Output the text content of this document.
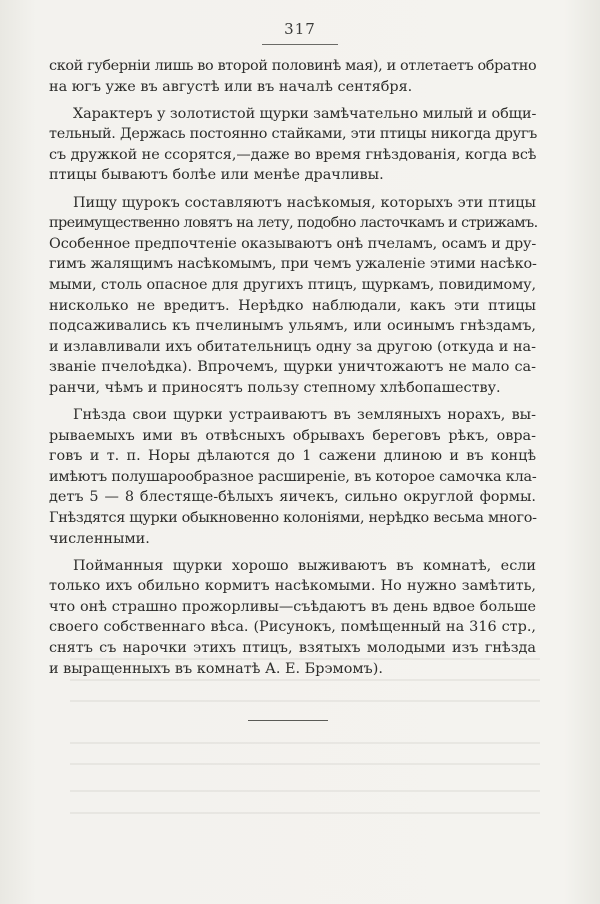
317

ской губерніи лишь во второй половинѣ мая), и отлетаетъ обратно
на югъ уже въ августѣ или въ началѣ сентября.

Характеръ у золотистой щурки замѣчательно милый и общи-
тельный. Держась постоянно стайками, эти птицы никогда другъ
съ дружкой не ссорятся,—даже во время гнѣздованія, когда всѣ
птицы бываютъ болѣе или менѣе драчливы.

Пищу щурокъ составляютъ насѣкомыя, которыхъ эти птицы
преимущественно ловятъ на лету, подобно ласточкамъ и стрижамъ.
Особенное предпочтеніе оказываютъ онѣ пчеламъ, осамъ и дру-
гимъ жалящимъ насѣкомымъ, при чемъ ужаленіе этими насѣко-
мыми, столь опасное для другихъ птицъ, щуркамъ, повидимому,
нисколько не вредитъ. Нерѣдко наблюдали, какъ эти птицы
подсаживались къ пчелинымъ ульямъ, или осинымъ гнѣздамъ,
и излавливали ихъ обитательницъ одну за другою (откуда и на-
званіе пчелоѣдка). Впрочемъ, щурки уничтожаютъ не мало са-
ранчи, чѣмъ и приносятъ пользу степному хлѣбопашеству.

Гнѣзда свои щурки устраиваютъ въ земляныхъ норахъ, вы-
рываемыхъ ими въ отвѣсныхъ обрывахъ береговъ рѣкъ, овра-
говъ и т. п. Норы дѣлаются до 1 сажени длиною и въ концѣ
имѣютъ полушарообразное расширеніе, въ которое самочка кла-
детъ 5 — 8 блестяще-бѣлыхъ яичекъ, сильно округлой формы.
Гнѣздятся щурки обыкновенно колоніями, нерѣдко весьма много-
численными.

Пойманныя щурки хорошо выживаютъ въ комнатѣ, если
только ихъ обильно кормитъ насѣкомыми. Но нужно замѣтить,
что онѣ страшно прожорливы—съѣдаютъ въ день вдвое больше
своего собственнаго вѣса. (Рисунокъ, помѣщенный на 316 стр.,
снятъ съ нарочки этихъ птицъ, взятыхъ молодыми изъ гнѣзда
и выращенныхъ въ комнатѣ А. Е. Брэмомъ).
